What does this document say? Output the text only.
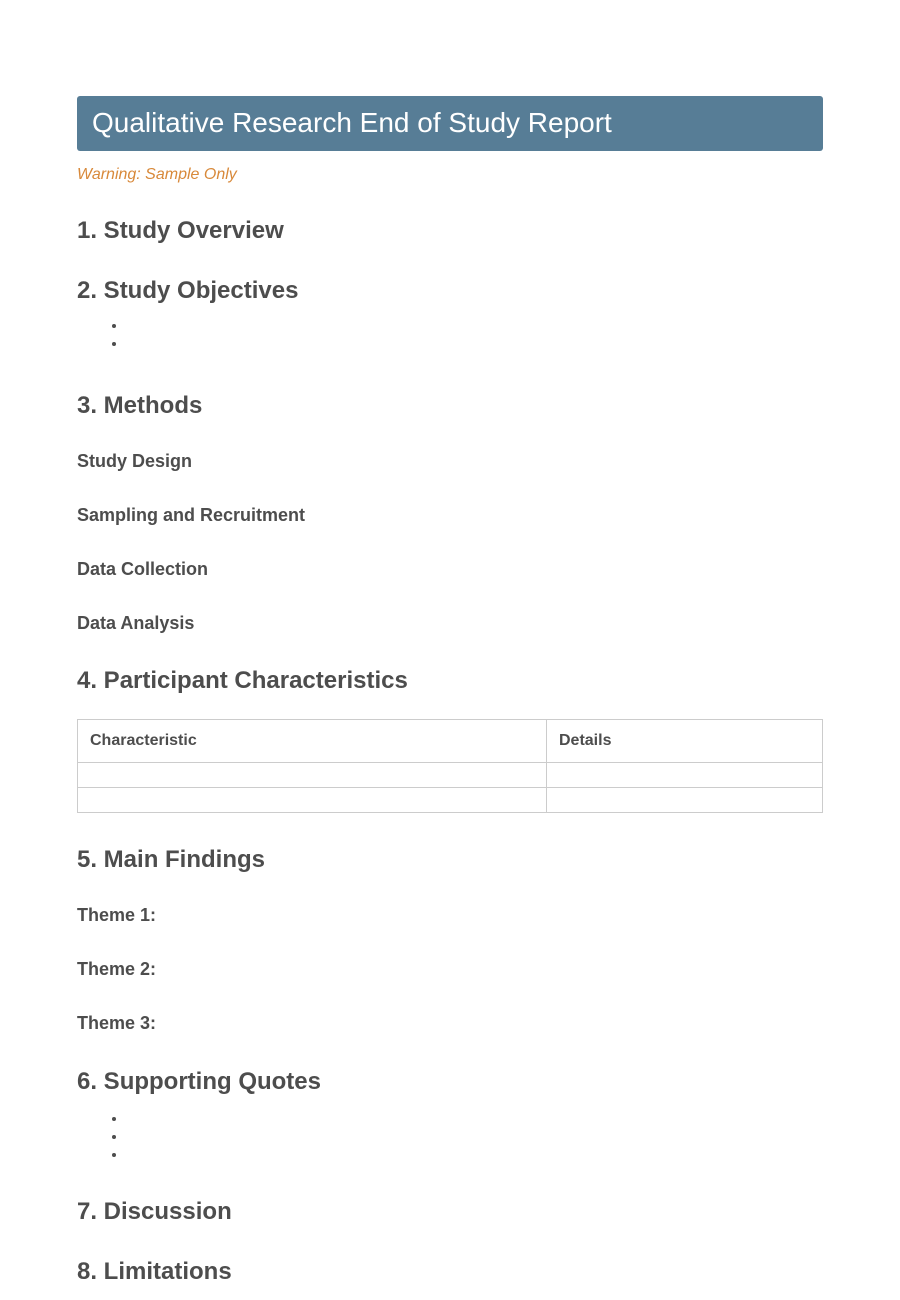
Qualitative Research End of Study Report
Warning: Sample Only
1. Study Overview
2. Study Objectives
•
•
3. Methods
Study Design
Sampling and Recruitment
Data Collection
Data Analysis
4. Participant Characteristics
Characteristic	Details

5. Main Findings
Theme 1:
Theme 2:
Theme 3:
6. Supporting Quotes
•
•
•
7. Discussion
8. Limitations
